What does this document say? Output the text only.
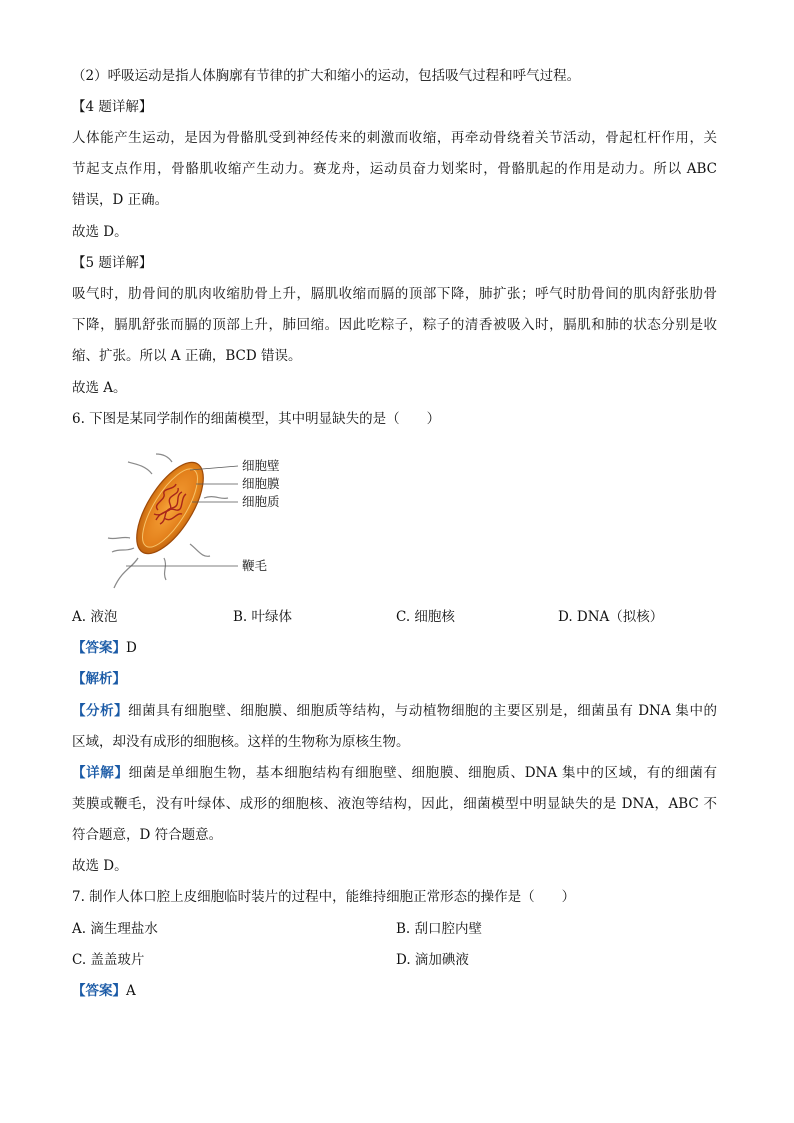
（2）呼吸运动是指人体胸廓有节律的扩大和缩小的运动，包括吸气过程和呼气过程。
【4 题详解】
人体能产生运动，是因为骨骼肌受到神经传来的刺激而收缩，再牵动骨绕着关节活动，骨起杠杆作用，关
节起支点作用，骨骼肌收缩产生动力。赛龙舟，运动员奋力划桨时，骨骼肌起的作用是动力。所以 ABC
错误，D 正确。
故选 D。
【5 题详解】
吸气时，肋骨间的肌肉收缩肋骨上升，膈肌收缩而膈的顶部下降，肺扩张；呼气时肋骨间的肌肉舒张肋骨
下降，膈肌舒张而膈的顶部上升，肺回缩。因此吃粽子，粽子的清香被吸入时，膈肌和肺的状态分别是收
缩、扩张。所以 A 正确，BCD 错误。
故选 A。
6. 下图是某同学制作的细菌模型，其中明显缺失的是（　　）
细胞壁
细胞膜
细胞质
鞭毛
A. 液泡	B. 叶绿体	C. 细胞核	D. DNA（拟核）
【答案】D
【解析】
【分析】细菌具有细胞壁、细胞膜、细胞质等结构，与动植物细胞的主要区别是，细菌虽有 DNA 集中的
区域，却没有成形的细胞核。这样的生物称为原核生物。
【详解】细菌是单细胞生物，基本细胞结构有细胞壁、细胞膜、细胞质、DNA 集中的区域，有的细菌有
荚膜或鞭毛，没有叶绿体、成形的细胞核、液泡等结构，因此，细菌模型中明显缺失的是 DNA，ABC 不
符合题意，D 符合题意。
故选 D。
7. 制作人体口腔上皮细胞临时装片的过程中，能维持细胞正常形态的操作是（　　）
A. 滴生理盐水	B. 刮口腔内壁
C. 盖盖玻片	D. 滴加碘液
【答案】A
